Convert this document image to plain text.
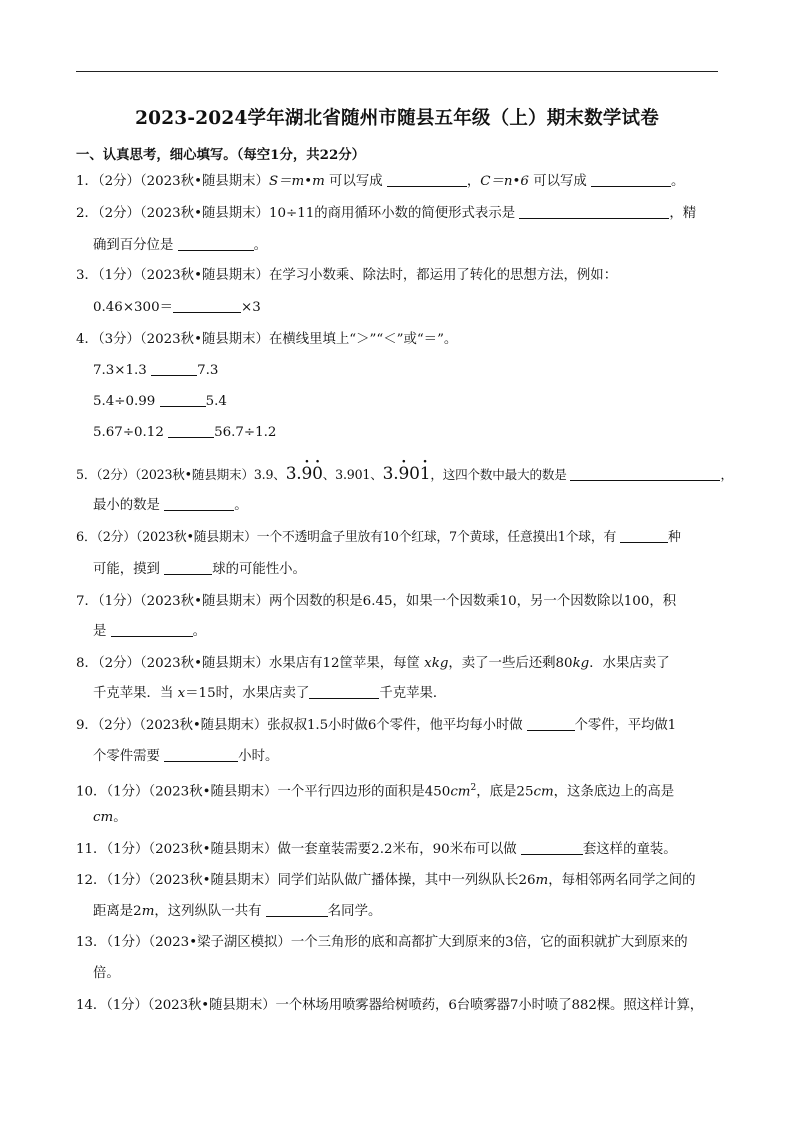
2023-2024学年湖北省随州市随县五年级（上）期末数学试卷
一、认真思考，细心填写。（每空1分，共22分）
1．（2分）（2023秋•随县期末）S＝m•m 可以写成	，C＝n•6 可以写成	。
2．（2分）（2023秋•随县期末）10÷11的商用循环小数的简便形式表示是	，精
确到百分位是	。
3．（1分）（2023秋•随县期末）在学习小数乘、除法时，都运用了转化的思想方法，例如：
0.46×300＝	×3
4．（3分）（2023秋•随县期末）在横线里填上“＞”“＜”或“＝”。
7.3×1.3	7.3
5.4÷0.99	5.4
5.67÷0.12	56.7÷1.2
5．（2分）（2023秋•随县期末）3.9、3.· 9· 0、3.901、3.· 90· 1，这四个数中最大的数是	，
最小的数是	。
6．（2分）（2023秋•随县期末）一个不透明盒子里放有10个红球，7个黄球，任意摸出1个球，有	种
可能，摸到	球的可能性小。
7．（1分）（2023秋•随县期末）两个因数的积是6.45，如果一个因数乘10，另一个因数除以100，积
是	。
8．（2分）（2023秋•随县期末）水果店有12筐苹果，每筐 xkg，卖了一些后还剩80kg．水果店卖了
千克苹果．当 x＝15时，水果店卖了	千克苹果．
9．（2分）（2023秋•随县期末）张叔叔1.5小时做6个零件，他平均每小时做	个零件，平均做1
个零件需要	小时。
10．（1分）（2023秋•随县期末）一个平行四边形的面积是$450cm^2$，底是25cm，这条底边上的高是
cm。
11．（1分）（2023秋•随县期末）做一套童装需要2.2米布，90米布可以做	套这样的童装。
12．（1分）（2023秋•随县期末）同学们站队做广播体操，其中一列纵队长26m，每相邻两名同学之间的
距离是2m，这列纵队一共有	名同学。
13．（1分）（2023•梁子湖区模拟）一个三角形的底和高都扩大到原来的3倍，它的面积就扩大到原来的
倍。
14．（1分）（2023秋•随县期末）一个林场用喷雾器给树喷药，6台喷雾器7小时喷了882棵。照这样计算，
